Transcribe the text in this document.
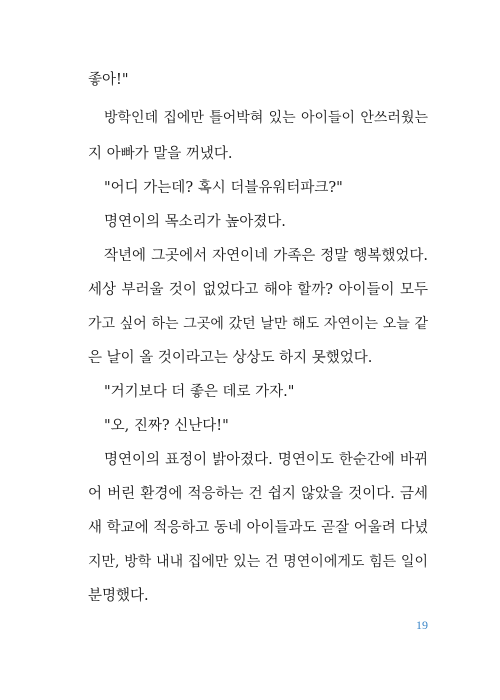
좋아!"
방학인데 집에만 틀어박혀 있는 아이들이 안쓰러웠는
지 아빠가 말을 꺼냈다.
"어디 가는데? 혹시 더블유워터파크?"
명연이의 목소리가 높아졌다.
작년에 그곳에서 자연이네 가족은 정말 행복했었다.
세상 부러울 것이 없었다고 해야 할까? 아이들이 모두
가고 싶어 하는 그곳에 갔던 날만 해도 자연이는 오늘 같
은 날이 올 것이라고는 상상도 하지 못했었다.
"거기보다 더 좋은 데로 가자."
"오, 진짜? 신난다!"
명연이의 표정이 밝아졌다. 명연이도 한순간에 바뀌
어 버린 환경에 적응하는 건 쉽지 않았을 것이다. 금세
새 학교에 적응하고 동네 아이들과도 곧잘 어울려 다녔
지만, 방학 내내 집에만 있는 건 명연이에게도 힘든 일이
분명했다.
19
